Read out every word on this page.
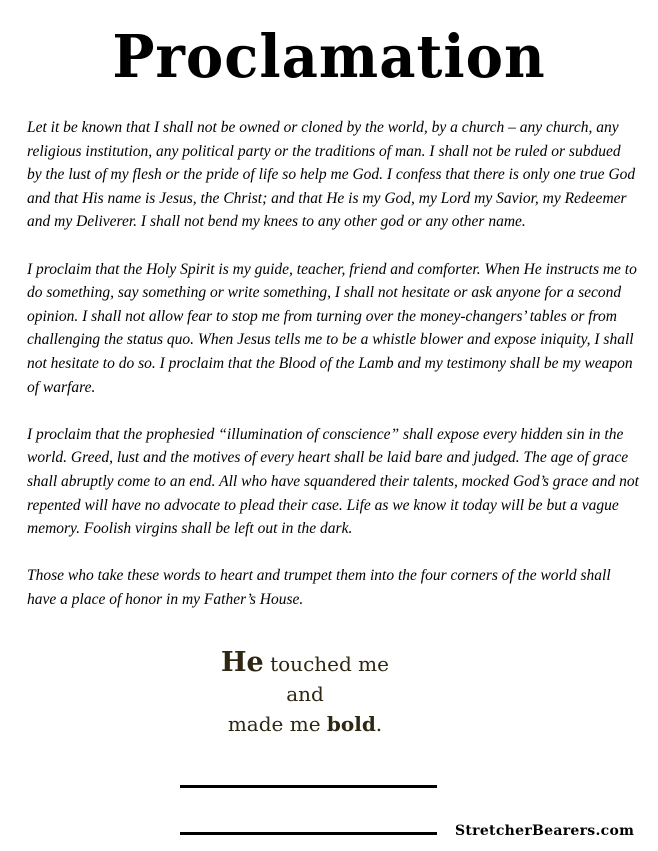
Proclamation

Let it be known that I shall not be owned or cloned by the world, by a church – any church, any religious institution, any political party or the traditions of man. I shall not be ruled or subdued by the lust of my flesh or the pride of life so help me God. I confess that there is only one true God and that His name is Jesus, the Christ; and that He is my God, my Lord my Savior, my Redeemer and my Deliverer. I shall not bend my knees to any other god or any other name.

I proclaim that the Holy Spirit is my guide, teacher, friend and comforter. When He instructs me to do something, say something or write something, I shall not hesitate or ask anyone for a second opinion. I shall not allow fear to stop me from turning over the money-changers’ tables or from challenging the status quo. When Jesus tells me to be a whistle blower and expose iniquity, I shall not hesitate to do so. I proclaim that the Blood of the Lamb and my testimony shall be my weapon of warfare.

I proclaim that the prophesied “illumination of conscience” shall expose every hidden sin in the world. Greed, lust and the motives of every heart shall be laid bare and judged. The age of grace shall abruptly come to an end. All who have squandered their talents, mocked God’s grace and not repented will have no advocate to plead their case. Life as we know it today will be but a vague memory. Foolish virgins shall be left out in the dark.

Those who take these words to heart and trumpet them into the four corners of the world shall have a place of honor in my Father’s House.

He touched me
and
made me bold.
StretcherBearers.com
